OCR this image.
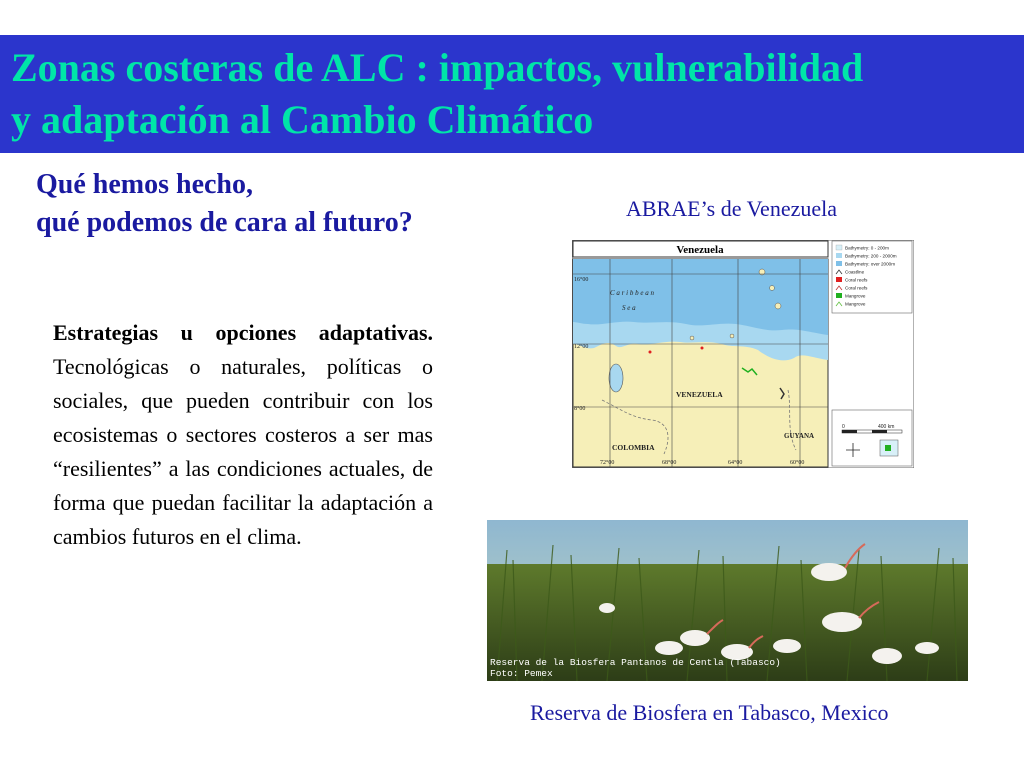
Zonas costeras de ALC : impactos, vulnerabilidad
y adaptación al Cambio Climático
Qué hemos hecho,
qué podemos de cara al futuro?	ABRAE’s de Venezuela
Estrategias u opciones adaptativas. Tecnológicas o naturales, políticas o sociales, que pueden contribuir con los ecosistemas o sectores costeros a ser mas “resilientes” a las condiciones actuales, de forma que puedan facilitar la adaptación a cambios futuros en el clima.
Venezuela
C a r i b b e a n
S e a
VENEZUELA
COLOMBIA
GUYANA
16°00
12°00
8°00
72°00	68°00	64°00	60°00
Bathymetry: 0 - 200m
Bathymetry: 200 - 2000m
Bathymetry: over 2000m
Coastline
Coral reefs
Coral reefs
Mangrove
Mangrove
0	400 km
Reserva de la Biosfera Pantanos de Centla (Tabasco)
Foto: Pemex
Reserva de Biosfera en Tabasco, Mexico
